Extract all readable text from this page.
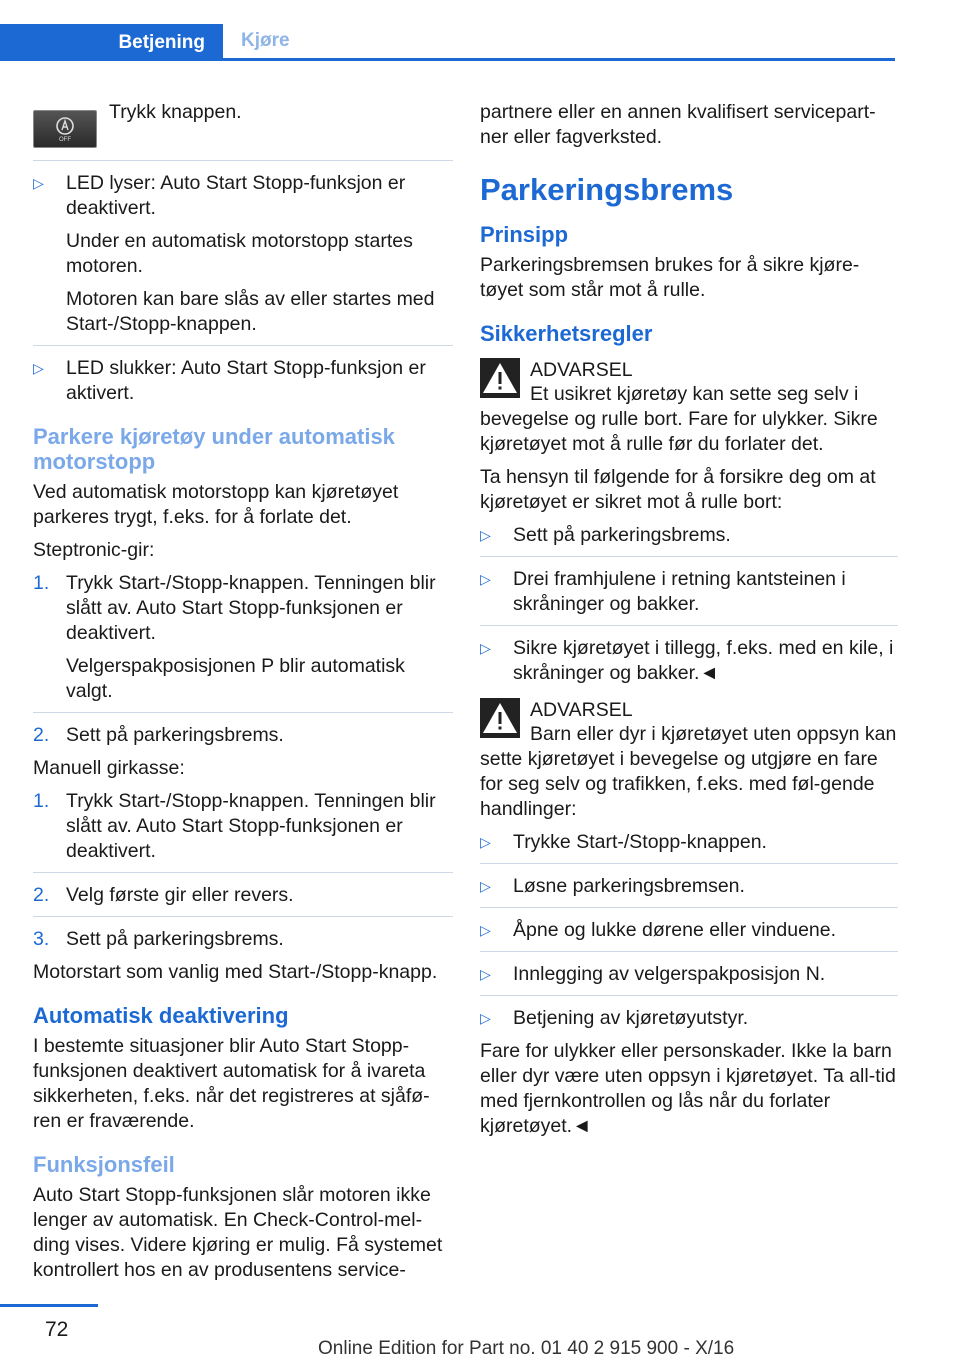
Betjening	Kjøre
OFF

Trykk knappen.

▷ LED lyser: Auto Start Stopp-funksjon er deaktivert.
Under en automatisk motorstopp startes motoren.
Motoren kan bare slås av eller startes med Start-/Stopp-knappen.
▷ LED slukker: Auto Start Stopp-funksjon er aktivert.
Parkere kjøretøy under automatisk motorstopp

Ved automatisk motorstopp kan kjøretøyet parkeres trygt, f.eks. for å forlate det.

Steptronic-gir:

1. Trykk Start-/Stopp-knappen. Tenningen blir slått av. Auto Start Stopp-funksjonen er deaktivert.
Velgerspakposisjonen P blir automatisk valgt.
2. Sett på parkeringsbrems.

Manuell girkasse:

1. Trykk Start-/Stopp-knappen. Tenningen blir slått av. Auto Start Stopp-funksjonen er deaktivert.
2. Velg første gir eller revers.
3. Sett på parkeringsbrems.

Motorstart som vanlig med Start-/Stopp-knapp.

Automatisk deaktivering

I bestemte situasjoner blir Auto Start Stopp-funksjonen deaktivert automatisk for å ivareta sikkerheten, f.eks. når det registreres at sjåfø-ren er fraværende.

Funksjonsfeil

Auto Start Stopp-funksjonen slår motoren ikke lenger av automatisk. En Check-Control-mel-ding vises. Videre kjøring er mulig. Få systemet kontrollert hos en av produsentens service-

partnere eller en annen kvalifisert servicepart-ner eller fagverksted.

Parkeringsbrems
Prinsipp

Parkeringsbremsen brukes for å sikre kjøre-tøyet som står mot å rulle.

Sikkerhetsregler
ADVARSEL

Et usikret kjøretøy kan sette seg selv i bevegelse og rulle bort. Fare for ulykker. Sikre kjøretøyet mot å rulle før du forlater det.

Ta hensyn til følgende for å forsikre deg om at kjøretøyet er sikret mot å rulle bort:

▷ Sett på parkeringsbrems.
▷ Drei framhjulene i retning kantsteinen i skråninger og bakker.
▷ Sikre kjøretøyet i tillegg, f.eks. med en kile, i skråninger og bakker.◄
ADVARSEL

Barn eller dyr i kjøretøyet uten oppsyn kan sette kjøretøyet i bevegelse og utgjøre en fare for seg selv og trafikken, f.eks. med føl-gende handlinger:

▷ Trykke Start-/Stopp-knappen.
▷ Løsne parkeringsbremsen.
▷ Åpne og lukke dørene eller vinduene.
▷ Innlegging av velgerspakposisjon N.
▷ Betjening av kjøretøyutstyr.

Fare for ulykker eller personskader. Ikke la barn eller dyr være uten oppsyn i kjøretøyet. Ta all-tid med fjernkontrollen og lås når du forlater kjøretøyet.◄

72
Online Edition for Part no. 01 40 2 915 900 - X/16
